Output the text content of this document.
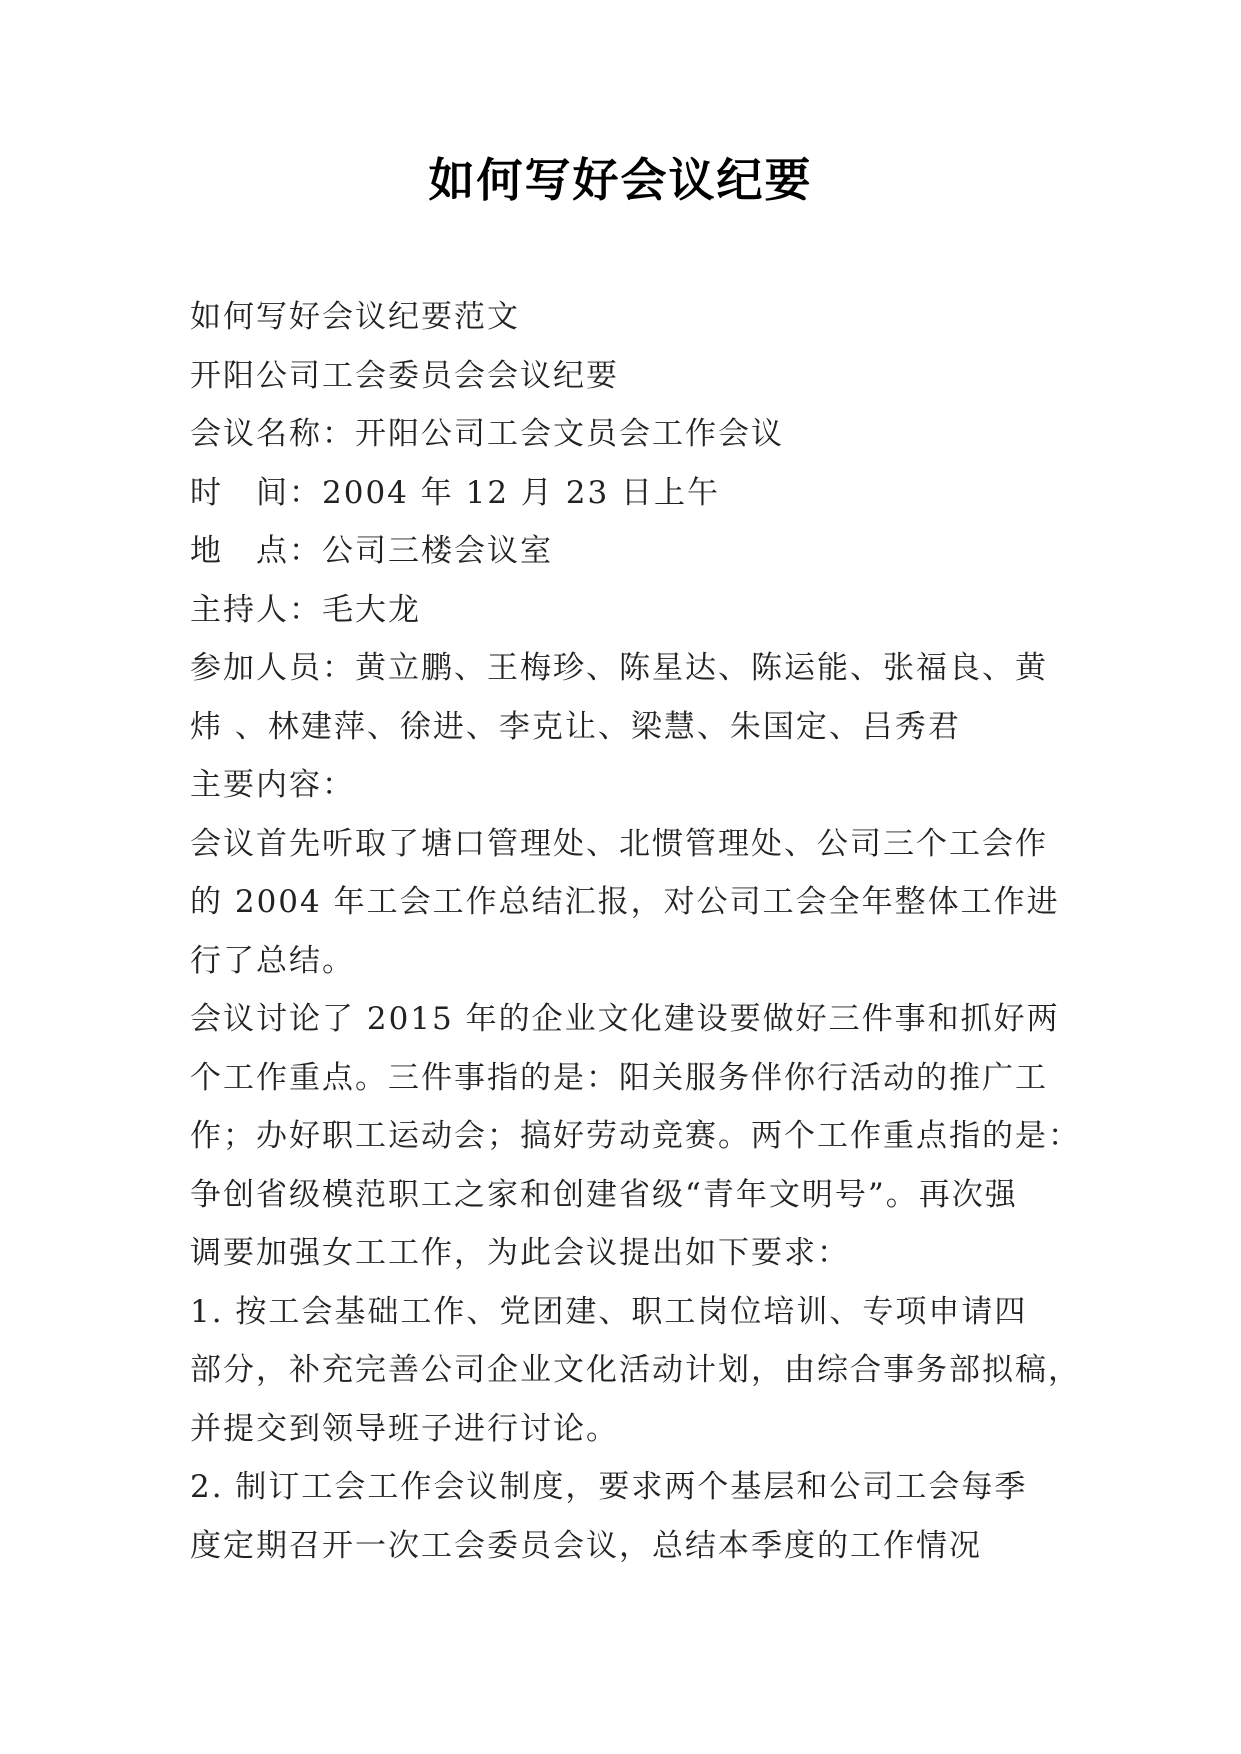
如何写好会议纪要
如何写好会议纪要范文
开阳公司工会委员会会议纪要
会议名称：开阳公司工会文员会工作会议
时　间：2004 年 12 月 23 日上午
地　点：公司三楼会议室
主持人：毛大龙
参加人员：黄立鹏、王梅珍、陈星达、陈运能、张福良、黄
炜 、林建萍、徐进、李克让、梁慧、朱国定、吕秀君
主要内容：
会议首先听取了塘口管理处、北惯管理处、公司三个工会作
的 2004 年工会工作总结汇报，对公司工会全年整体工作进
行了总结。
会议讨论了 2015 年的企业文化建设要做好三件事和抓好两
个工作重点。三件事指的是：阳关服务伴你行活动的推广工
作；办好职工运动会；搞好劳动竞赛。两个工作重点指的是：
争创省级模范职工之家和创建省级“青年文明号”。再次强
调要加强女工工作，为此会议提出如下要求：
1. 按工会基础工作、党团建、职工岗位培训、专项申请四
部分，补充完善公司企业文化活动计划，由综合事务部拟稿，
并提交到领导班子进行讨论。
2. 制订工会工作会议制度，要求两个基层和公司工会每季
度定期召开一次工会委员会议，总结本季度的工作情况
